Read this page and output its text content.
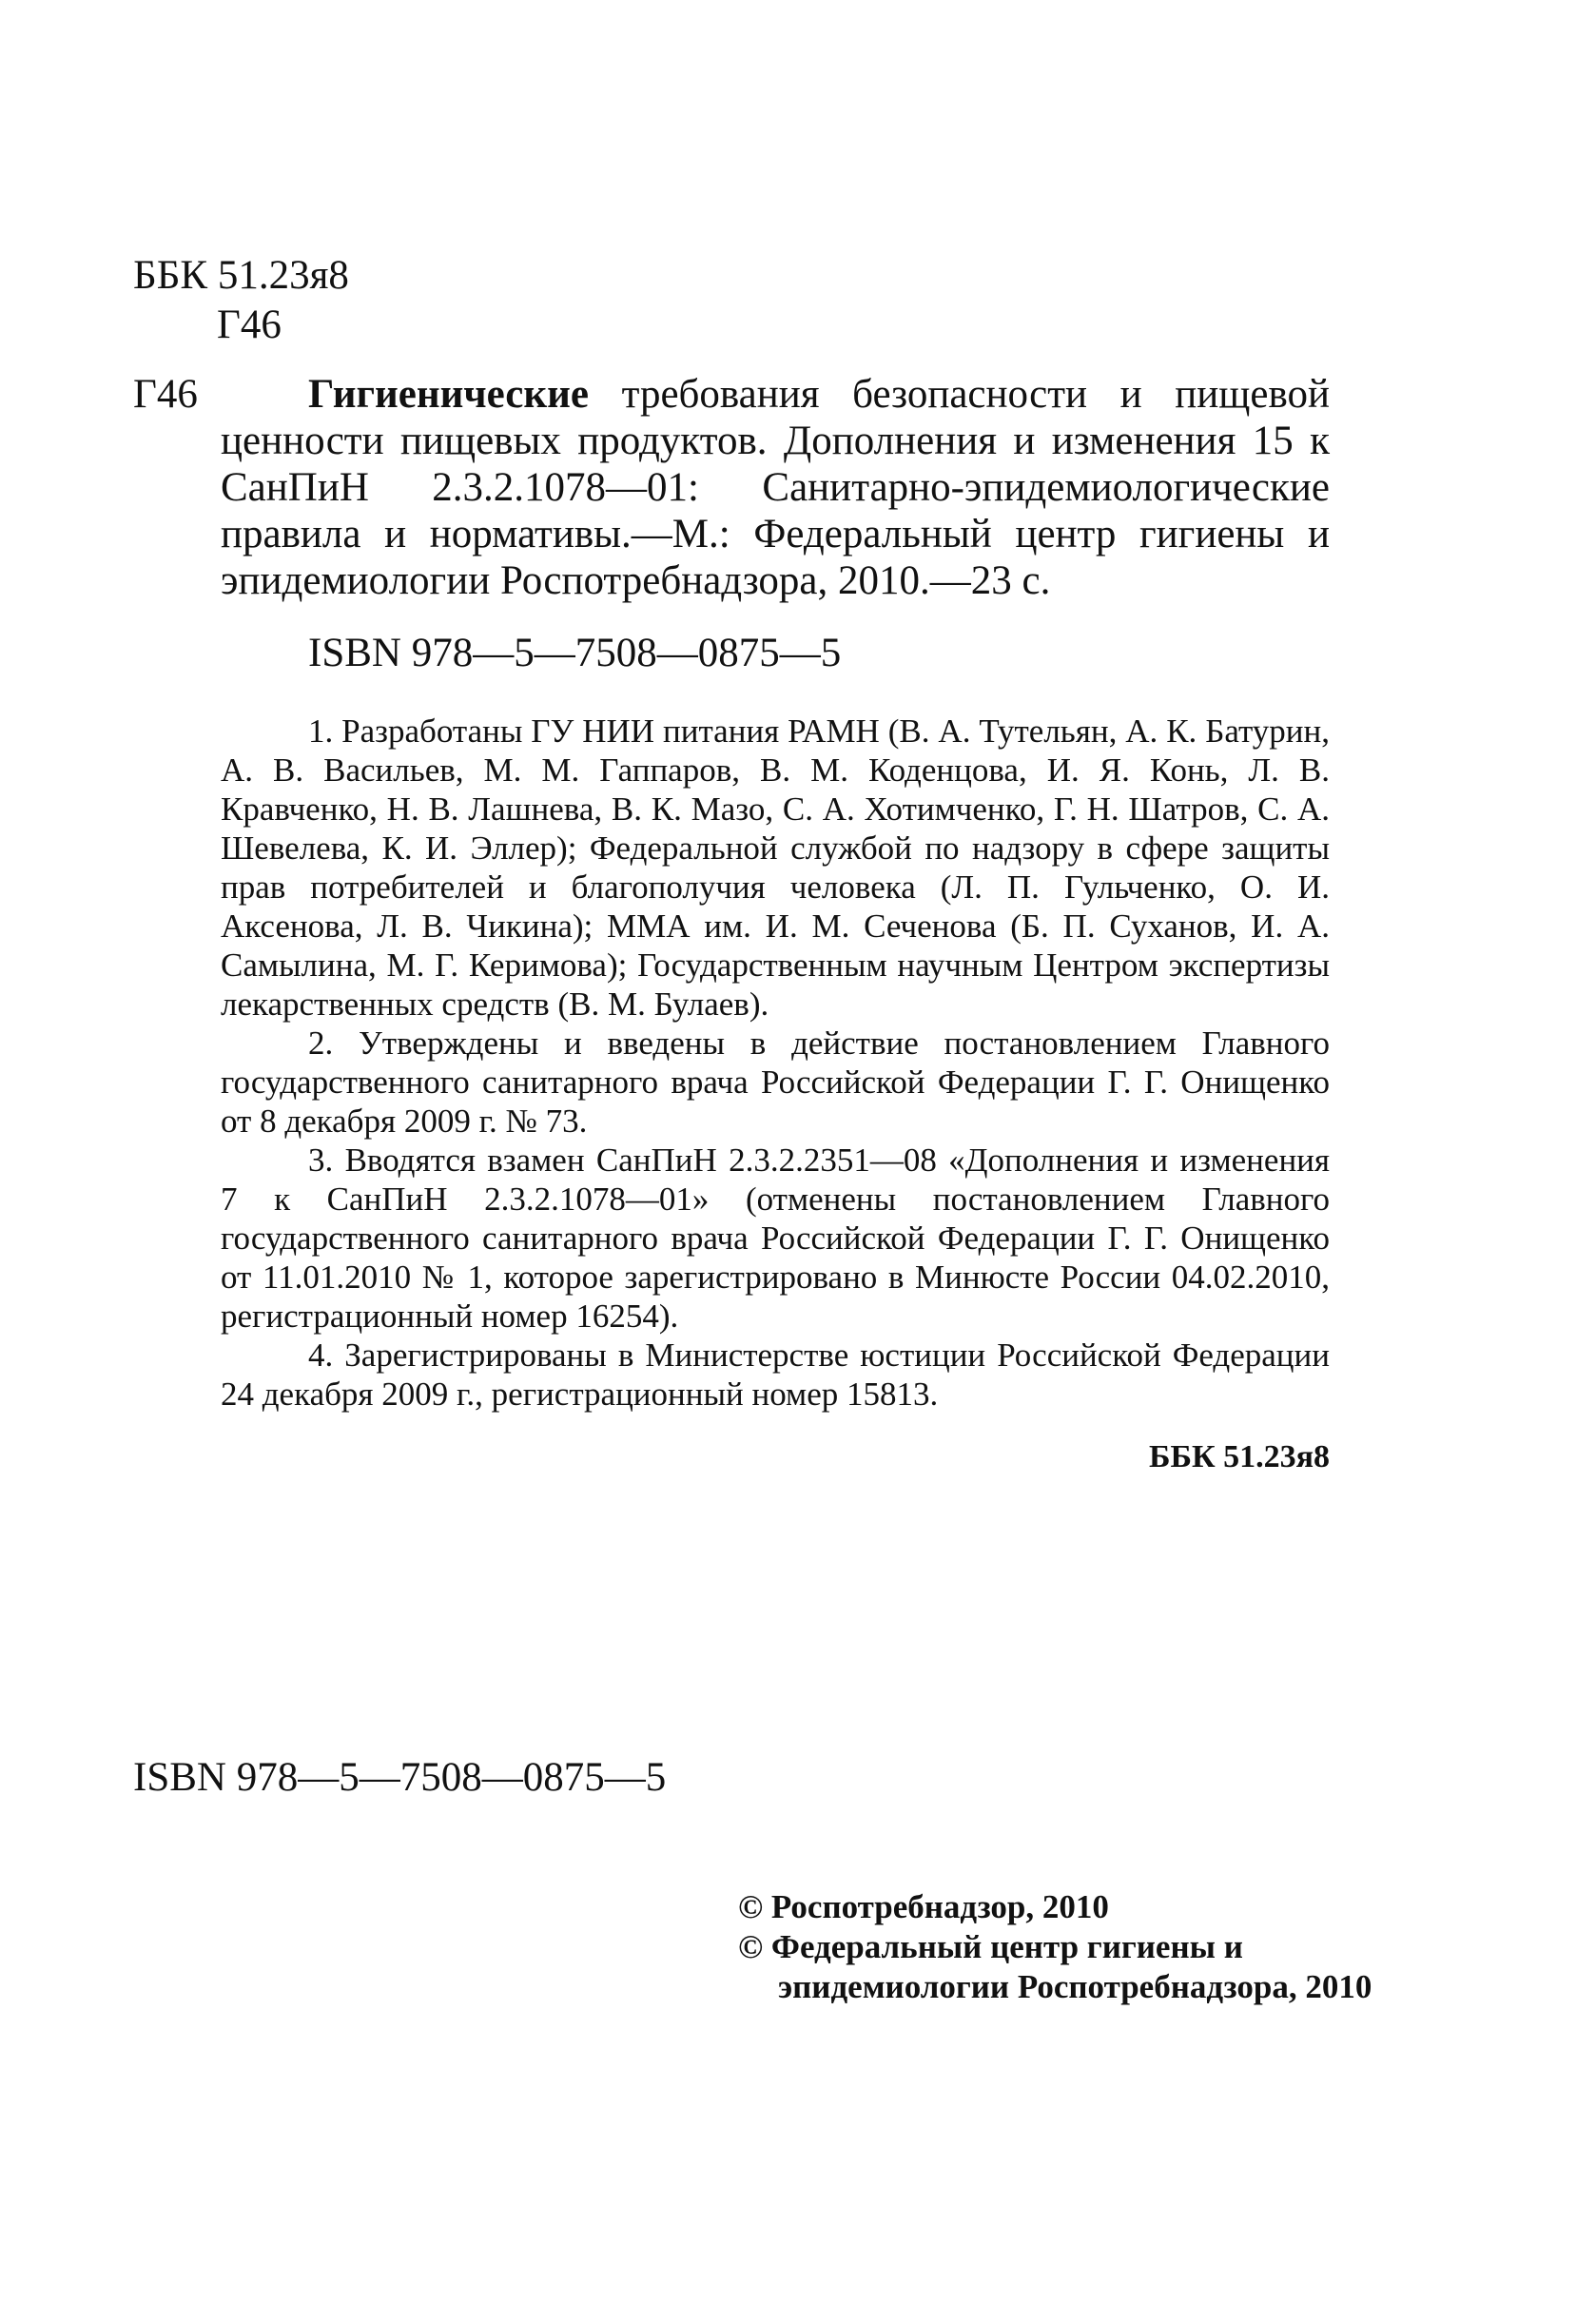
ББК 51.23я8
Г46
Г46	Гигиенические требования безопасности и пищевой ценности пищевых продуктов. Дополнения и изменения 15 к СанПиН 2.3.2.1078—01: Санитарно-эпидемиологические правила и нормативы.—М.: Федеральный центр гигиены и эпидемиологии Роспотребнадзора, 2010.—23 с.
ISBN 978—5—7508—0875—5

1. Разработаны ГУ НИИ питания РАМН (В. А. Тутельян, А. К. Батурин, А. В. Васильев, М. М. Гаппаров, В. М. Коденцова, И. Я. Конь, Л. В. Кравченко, Н. В. Лашнева, В. К. Мазо, С. А. Хотимченко, Г. Н. Шатров, С. А. Шевелева, К. И. Эллер); Федеральной службой по надзору в сфере защиты прав потребителей и благополучия человека (Л. П. Гульченко, О. И. Аксенова, Л. В. Чикина); ММА им. И. М. Сеченова (Б. П. Суханов, И. А. Самылина, М. Г. Керимова); Государственным научным Центром экспертизы лекарственных средств (В. М. Булаев).

2. Утверждены и введены в действие постановлением Главного государственного санитарного врача Российской Федерации Г. Г. Онищенко от 8 декабря 2009 г. № 73.

3. Вводятся взамен СанПиН 2.3.2.2351—08 «Дополнения и изменения 7 к СанПиН 2.3.2.1078—01» (отменены постановлением Главного государственного санитарного врача Российской Федерации Г. Г. Онищенко от 11.01.2010 № 1, которое зарегистрировано в Минюсте России 04.02.2010, регистрационный номер 16254).

4. Зарегистрированы в Министерстве юстиции Российской Федерации 24 декабря 2009 г., регистрационный номер 15813.

ББК 51.23я8
ISBN 978—5—7508—0875—5
© Роспотребнадзор, 2010
© Федеральный центр гигиены и
эпидемиологии Роспотребнадзора, 2010
